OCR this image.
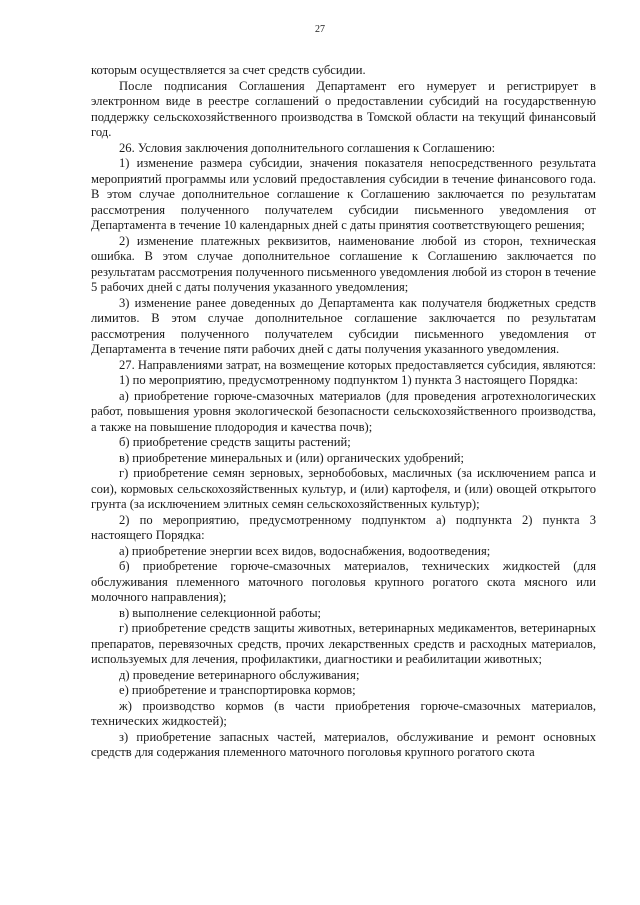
27

которым осуществляется за счет средств субсидии.

После подписания Соглашения Департамент его нумерует и регистрирует в электронном виде в реестре соглашений о предоставлении субсидий на государственную поддержку сельскохозяйственного производства в Томской области на текущий финансовый год.

26. Условия заключения дополнительного соглашения к Соглашению:

1) изменение размера субсидии, значения показателя непосредственного результата мероприятий программы или условий предоставления субсидии в течение финансового года. В этом случае дополнительное соглашение к Соглашению заключается по результатам рассмотрения полученного получателем субсидии письменного уведомления от Департамента в течение 10 календарных дней с даты принятия соответствующего решения;

2) изменение платежных реквизитов, наименование любой из сторон, техническая ошибка. В этом случае дополнительное соглашение к Соглашению заключается по результатам рассмотрения полученного письменного уведомления любой из сторон в течение 5 рабочих дней с даты получения указанного уведомления;

3) изменение ранее доведенных до Департамента как получателя бюджетных средств лимитов. В этом случае дополнительное соглашение заключается по результатам рассмотрения полученного получателем субсидии письменного уведомления от Департамента в течение пяти рабочих дней с даты получения указанного уведомления.

27. Направлениями затрат, на возмещение которых предоставляется субсидия, являются:

1) по мероприятию, предусмотренному подпунктом 1) пункта 3 настоящего Порядка:

а) приобретение горюче-смазочных материалов (для проведения агротехнологических работ, повышения уровня экологической безопасности сельскохозяйственного производства, а также на повышение плодородия и качества почв);

б) приобретение средств защиты растений;

в) приобретение минеральных и (или) органических удобрений;

г) приобретение семян зерновых, зернобобовых, масличных (за исключением рапса и сои), кормовых сельскохозяйственных культур, и (или) картофеля, и (или) овощей открытого грунта (за исключением элитных семян сельскохозяйственных культур);

2) по мероприятию, предусмотренному подпунктом а) подпункта 2) пункта 3 настоящего Порядка:

а) приобретение энергии всех видов, водоснабжения, водоотведения;

б) приобретение горюче-смазочных материалов, технических жидкостей (для обслуживания племенного маточного поголовья крупного рогатого скота мясного или молочного направления);

в) выполнение селекционной работы;

г) приобретение средств защиты животных, ветеринарных медикаментов, ветеринарных препаратов, перевязочных средств, прочих лекарственных средств и расходных материалов, используемых для лечения, профилактики, диагностики и реабилитации животных;

д) проведение ветеринарного обслуживания;

е) приобретение и транспортировка кормов;

ж) производство кормов (в части приобретения горюче-смазочных материалов, технических жидкостей);

з) приобретение запасных частей, материалов, обслуживание и ремонт основных средств для содержания племенного маточного поголовья крупного рогатого скота
